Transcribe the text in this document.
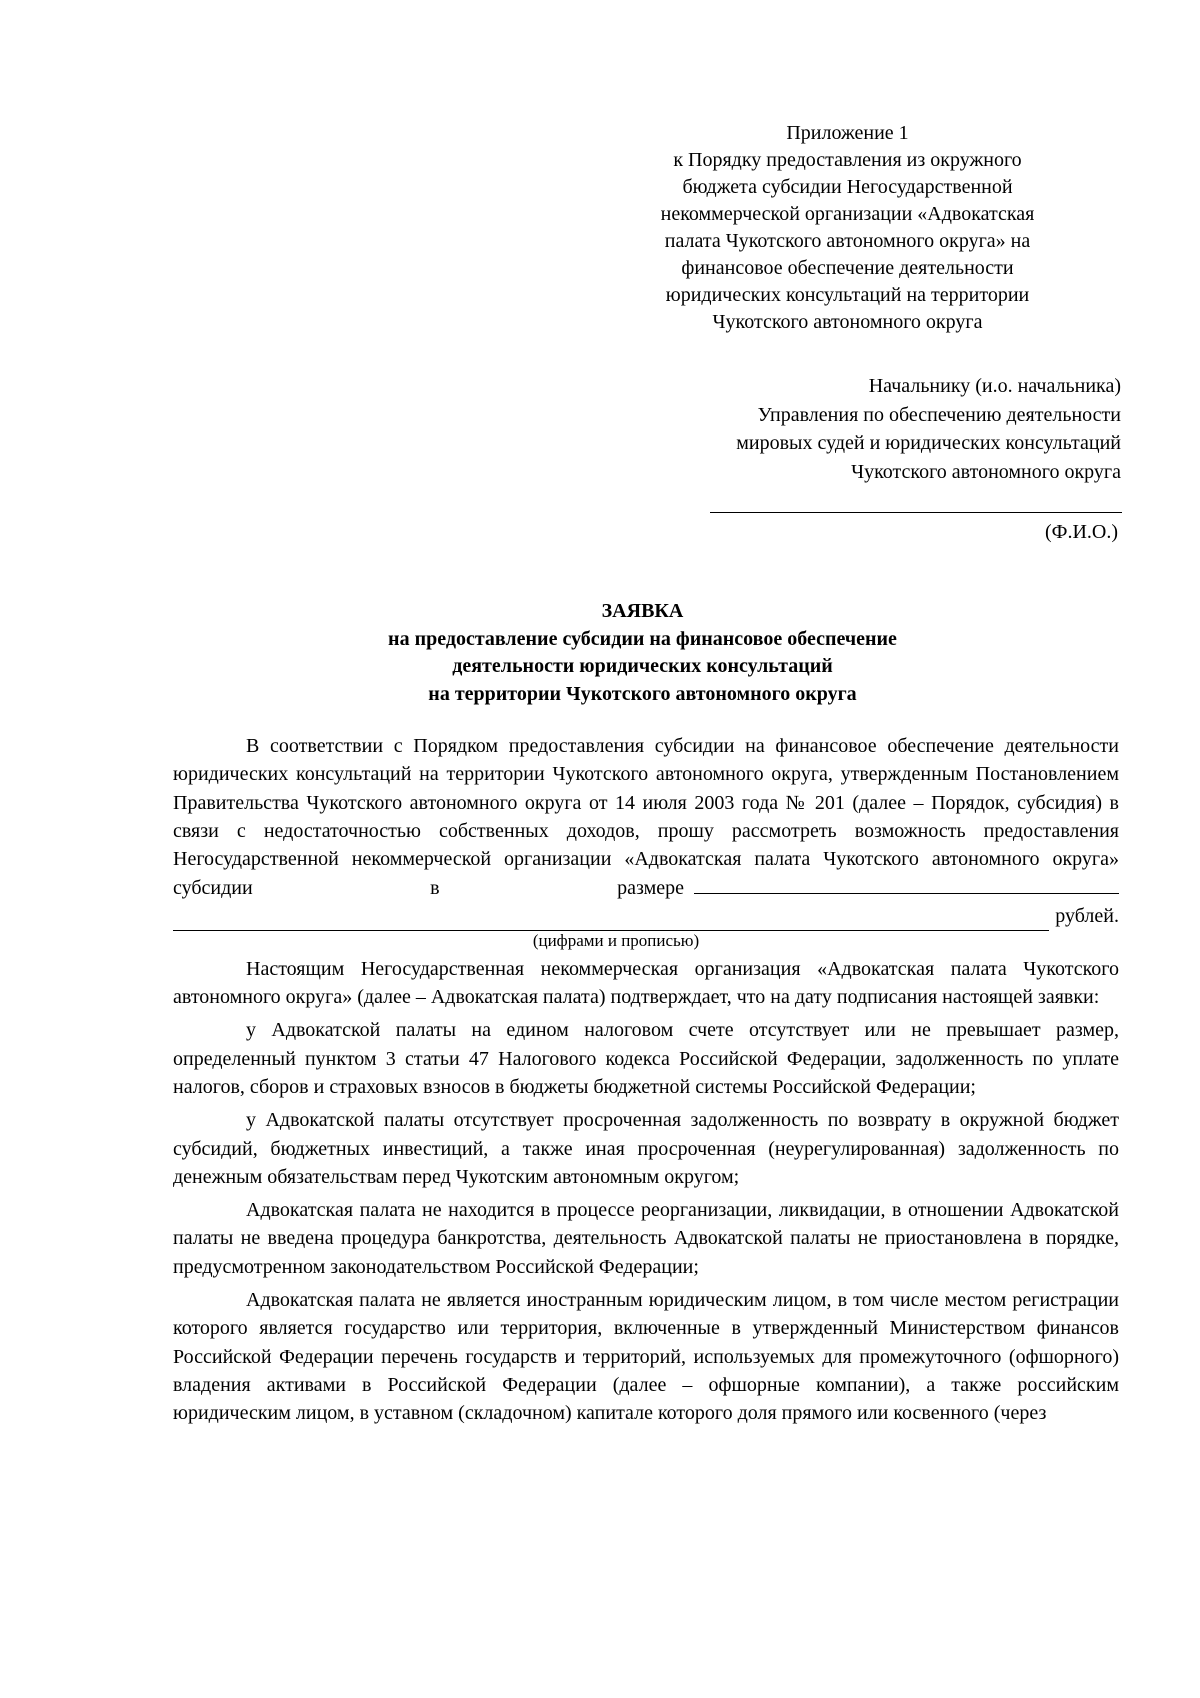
Приложение 1
к Порядку предоставления из окружного
бюджета субсидии Негосударственной
некоммерческой организации «Адвокатская
палата Чукотского автономного округа» на
финансовое обеспечение деятельности
юридических консультаций на территории
Чукотского автономного округа
Начальнику (и.о. начальника)
Управления по обеспечению деятельности
мировых судей и юридических консультаций
Чукотского автономного округа
(Ф.И.О.)
ЗАЯВКА
на предоставление субсидии на финансовое обеспечение
деятельности юридических консультаций
на территории Чукотского автономного округа

В соответствии с Порядком предоставления субсидии на финансовое обеспечение деятельности юридических консультаций на территории Чукотского автономного округа, утвержденным Постановлением Правительства Чукотского автономного округа от 14 июля 2003 года № 201 (далее – Порядок, субсидия) в связи с недостаточностью собственных доходов, прошу рассмотреть возможность предоставления Негосударственной некоммерческой организации «Адвокатская палата Чукотского автономного округа» субсидии в размере

рублей.
(цифрами и прописью)

Настоящим Негосударственная некоммерческая организация «Адвокатская палата Чукотского автономного округа» (далее – Адвокатская палата) подтверждает, что на дату подписания настоящей заявки:

у Адвокатской палаты на едином налоговом счете отсутствует или не превышает размер, определенный пунктом 3 статьи 47 Налогового кодекса Российской Федерации, задолженность по уплате налогов, сборов и страховых взносов в бюджеты бюджетной системы Российской Федерации;

у Адвокатской палаты отсутствует просроченная задолженность по возврату в окружной бюджет субсидий, бюджетных инвестиций, а также иная просроченная (неурегулированная) задолженность по денежным обязательствам перед Чукотским автономным округом;

Адвокатская палата не находится в процессе реорганизации, ликвидации, в отношении Адвокатской палаты не введена процедура банкротства, деятельность Адвокатской палаты не приостановлена в порядке, предусмотренном законодательством Российской Федерации;

Адвокатская палата не является иностранным юридическим лицом, в том числе местом регистрации которого является государство или территория, включенные в утвержденный Министерством финансов Российской Федерации перечень государств и территорий, используемых для промежуточного (офшорного) владения активами в Российской Федерации (далее – офшорные компании), а также российским юридическим лицом, в уставном (складочном) капитале которого доля прямого или косвенного (через
